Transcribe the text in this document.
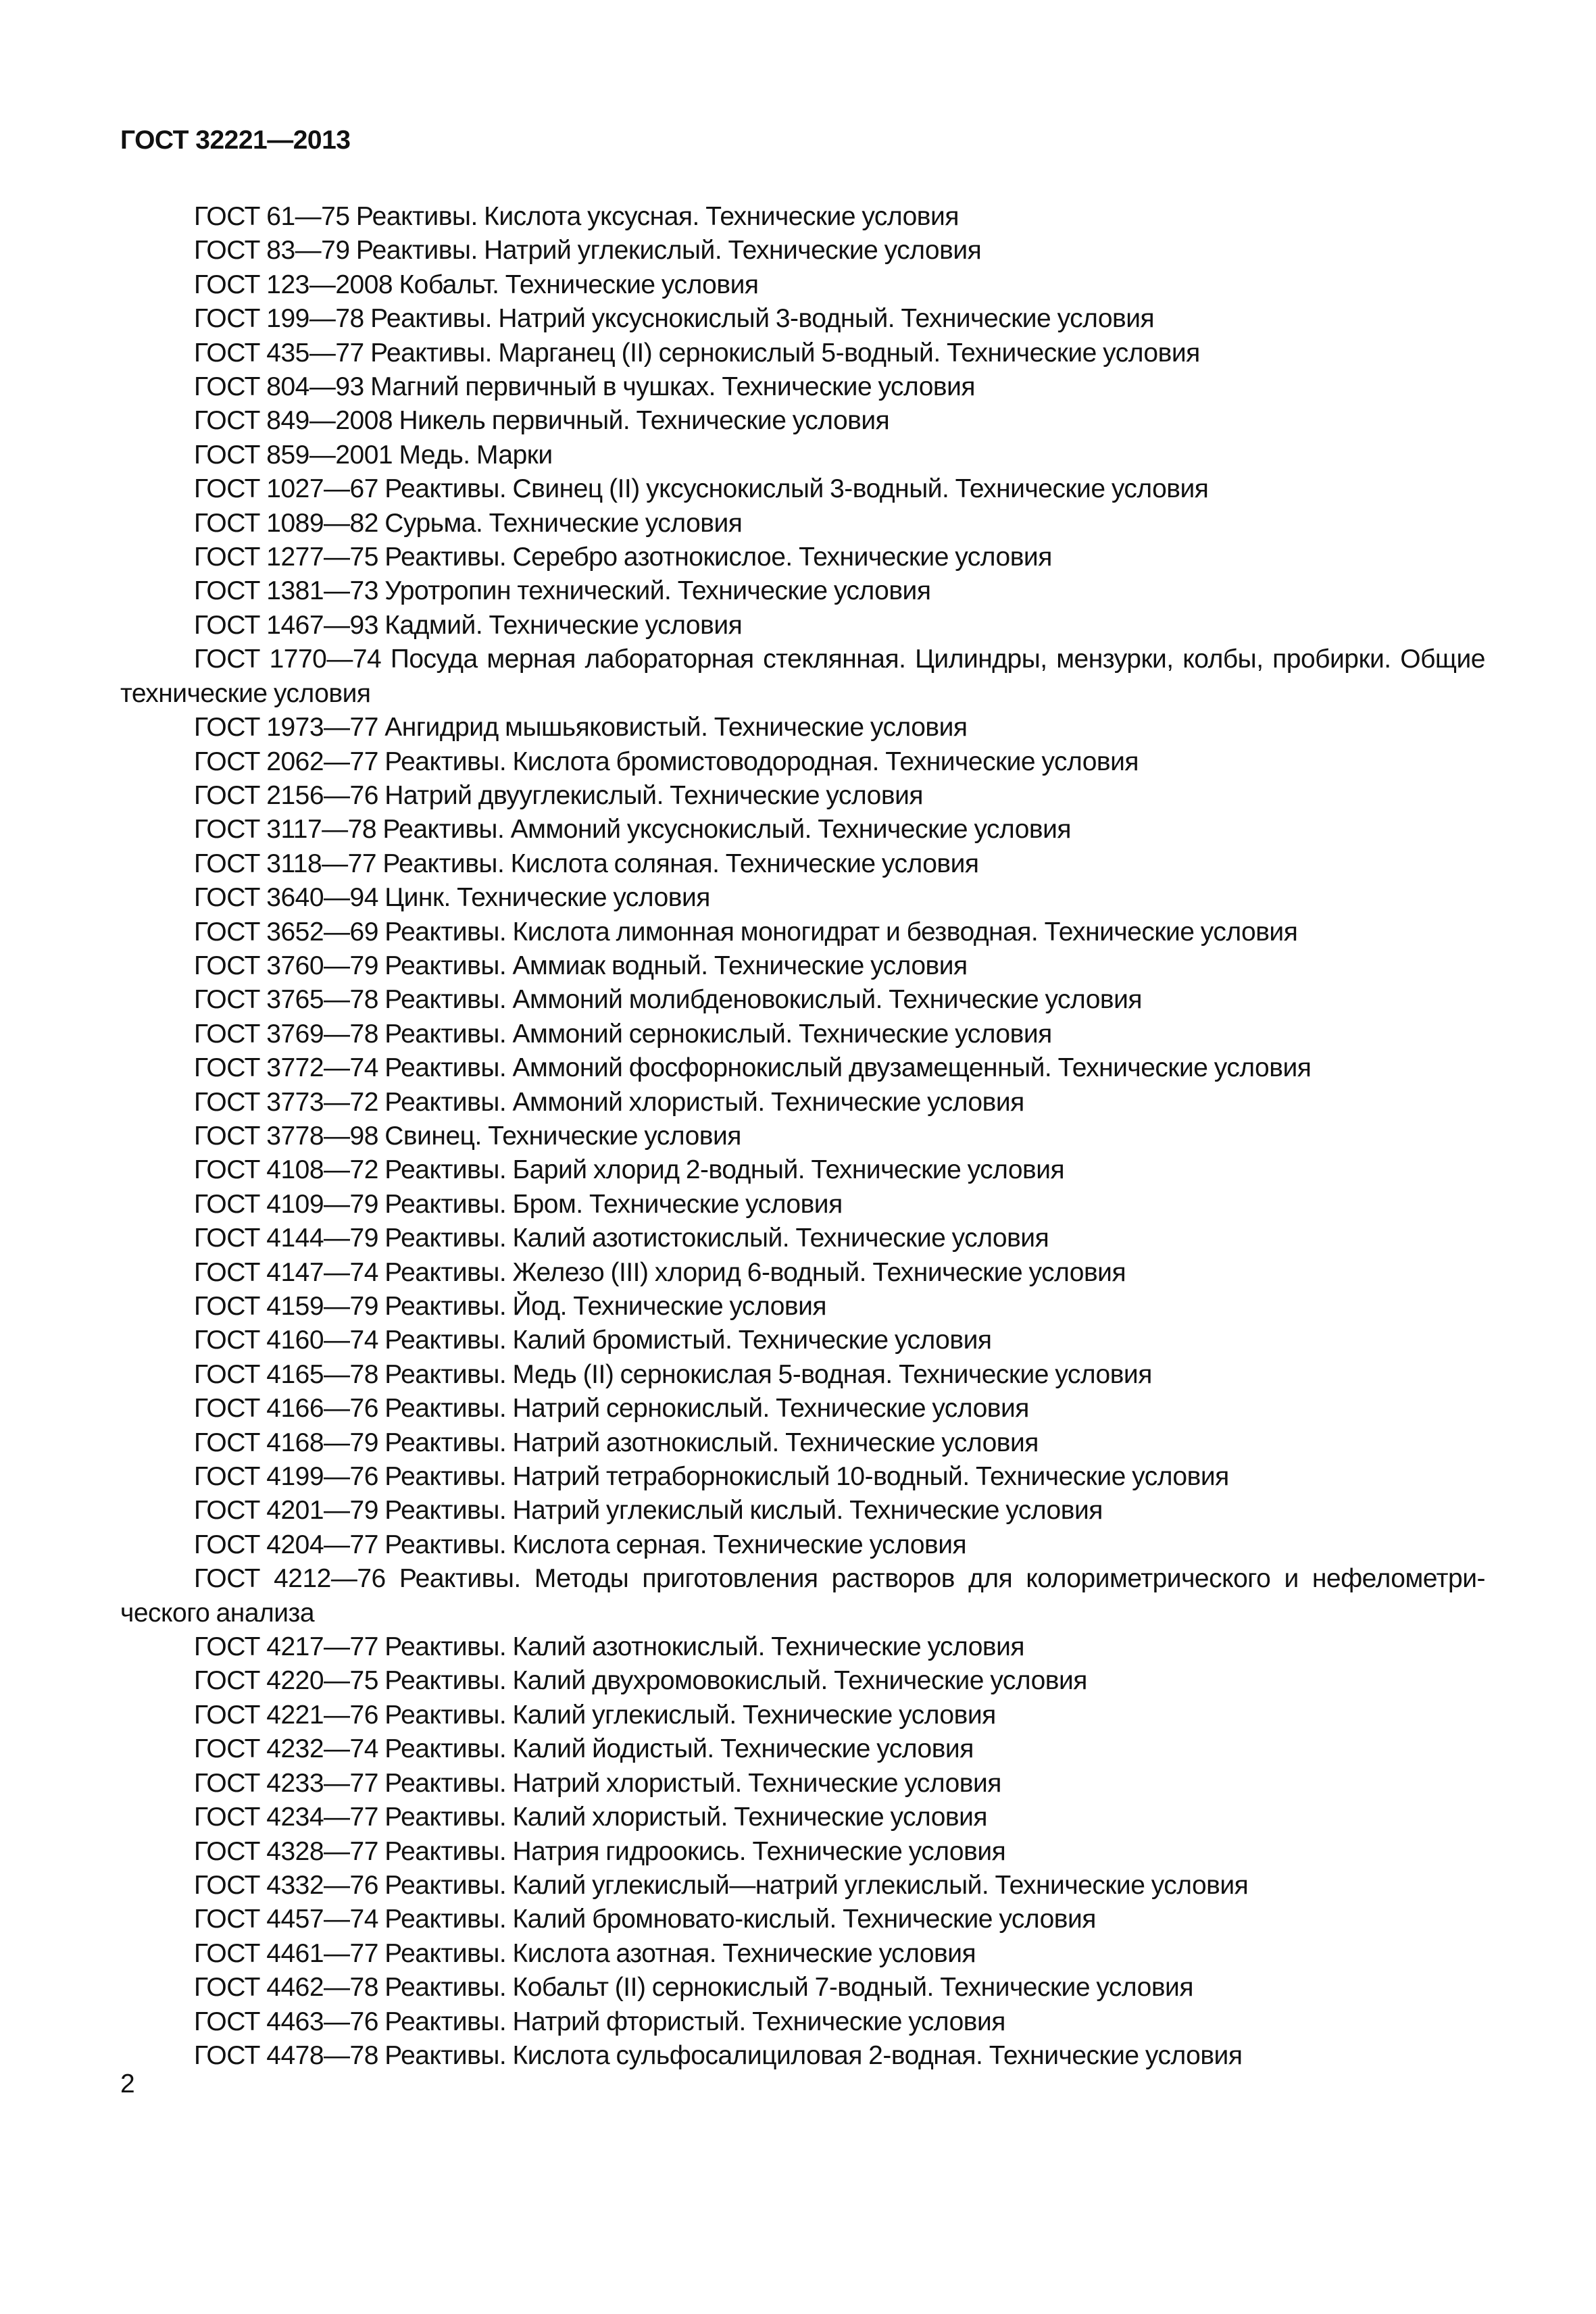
ГОСТ 32221—2013

ГОСТ 61—75 Реактивы. Кислота уксусная. Технические условия

ГОСТ 83—79 Реактивы. Натрий углекислый. Технические условия

ГОСТ 123—2008 Кобальт. Технические условия

ГОСТ 199—78 Реактивы. Натрий уксуснокислый 3-водный. Технические условия

ГОСТ 435—77 Реактивы. Марганец (II) сернокислый 5-водный. Технические условия

ГОСТ 804—93 Магний первичный в чушках. Технические условия

ГОСТ 849—2008 Никель первичный. Технические условия

ГОСТ 859—2001 Медь. Марки

ГОСТ 1027—67 Реактивы. Свинец (II) уксуснокислый 3-водный. Технические условия

ГОСТ 1089—82 Сурьма. Технические условия

ГОСТ 1277—75 Реактивы. Серебро азотнокислое. Технические условия

ГОСТ 1381—73 Уротропин технический. Технические условия

ГОСТ 1467—93 Кадмий. Технические условия

ГОСТ 1770—74 Посуда мерная лабораторная стеклянная. Цилиндры, мензурки, колбы, пробирки. Общие технические условия

ГОСТ 1973—77 Ангидрид мышьяковистый. Технические условия

ГОСТ 2062—77 Реактивы. Кислота бромистоводородная. Технические условия

ГОСТ 2156—76 Натрий двууглекислый. Технические условия

ГОСТ 3117—78 Реактивы. Аммоний уксуснокислый. Технические условия

ГОСТ 3118—77 Реактивы. Кислота соляная. Технические условия

ГОСТ 3640—94 Цинк. Технические условия

ГОСТ 3652—69 Реактивы. Кислота лимонная моногидрат и безводная. Технические условия

ГОСТ 3760—79 Реактивы. Аммиак водный. Технические условия

ГОСТ 3765—78 Реактивы. Аммоний молибденовокислый. Технические условия

ГОСТ 3769—78 Реактивы. Аммоний сернокислый. Технические условия

ГОСТ 3772—74 Реактивы. Аммоний фосфорнокислый двузамещенный. Технические условия

ГОСТ 3773—72 Реактивы. Аммоний хлористый. Технические условия

ГОСТ 3778—98 Свинец. Технические условия

ГОСТ 4108—72 Реактивы. Барий хлорид 2-водный. Технические условия

ГОСТ 4109—79 Реактивы. Бром. Технические условия

ГОСТ 4144—79 Реактивы. Калий азотистокислый. Технические условия

ГОСТ 4147—74 Реактивы. Железо (III) хлорид 6-водный. Технические условия

ГОСТ 4159—79 Реактивы. Йод. Технические условия

ГОСТ 4160—74 Реактивы. Калий бромистый. Технические условия

ГОСТ 4165—78 Реактивы. Медь (II) сернокислая 5-водная. Технические условия

ГОСТ 4166—76 Реактивы. Натрий сернокислый. Технические условия

ГОСТ 4168—79 Реактивы. Натрий азотнокислый. Технические условия

ГОСТ 4199—76 Реактивы. Натрий тетраборнокислый 10-водный. Технические условия

ГОСТ 4201—79 Реактивы. Натрий углекислый кислый. Технические условия

ГОСТ 4204—77 Реактивы. Кислота серная. Технические условия

ГОСТ 4212—76 Реактивы. Методы приготовления растворов для колориметрического и нефелометри-ческого анализа

ГОСТ 4217—77 Реактивы. Калий азотнокислый. Технические условия

ГОСТ 4220—75 Реактивы. Калий двухромовокислый. Технические условия

ГОСТ 4221—76 Реактивы. Калий углекислый. Технические условия

ГОСТ 4232—74 Реактивы. Калий йодистый. Технические условия

ГОСТ 4233—77 Реактивы. Натрий хлористый. Технические условия

ГОСТ 4234—77 Реактивы. Калий хлористый. Технические условия

ГОСТ 4328—77 Реактивы. Натрия гидроокись. Технические условия

ГОСТ 4332—76 Реактивы. Калий углекислый—натрий углекислый. Технические условия

ГОСТ 4457—74 Реактивы. Калий бромновато-кислый. Технические условия

ГОСТ 4461—77 Реактивы. Кислота азотная. Технические условия

ГОСТ 4462—78 Реактивы. Кобальт (II) сернокислый 7-водный. Технические условия

ГОСТ 4463—76 Реактивы. Натрий фтористый. Технические условия

ГОСТ 4478—78 Реактивы. Кислота сульфосалициловая 2-водная. Технические условия

2
